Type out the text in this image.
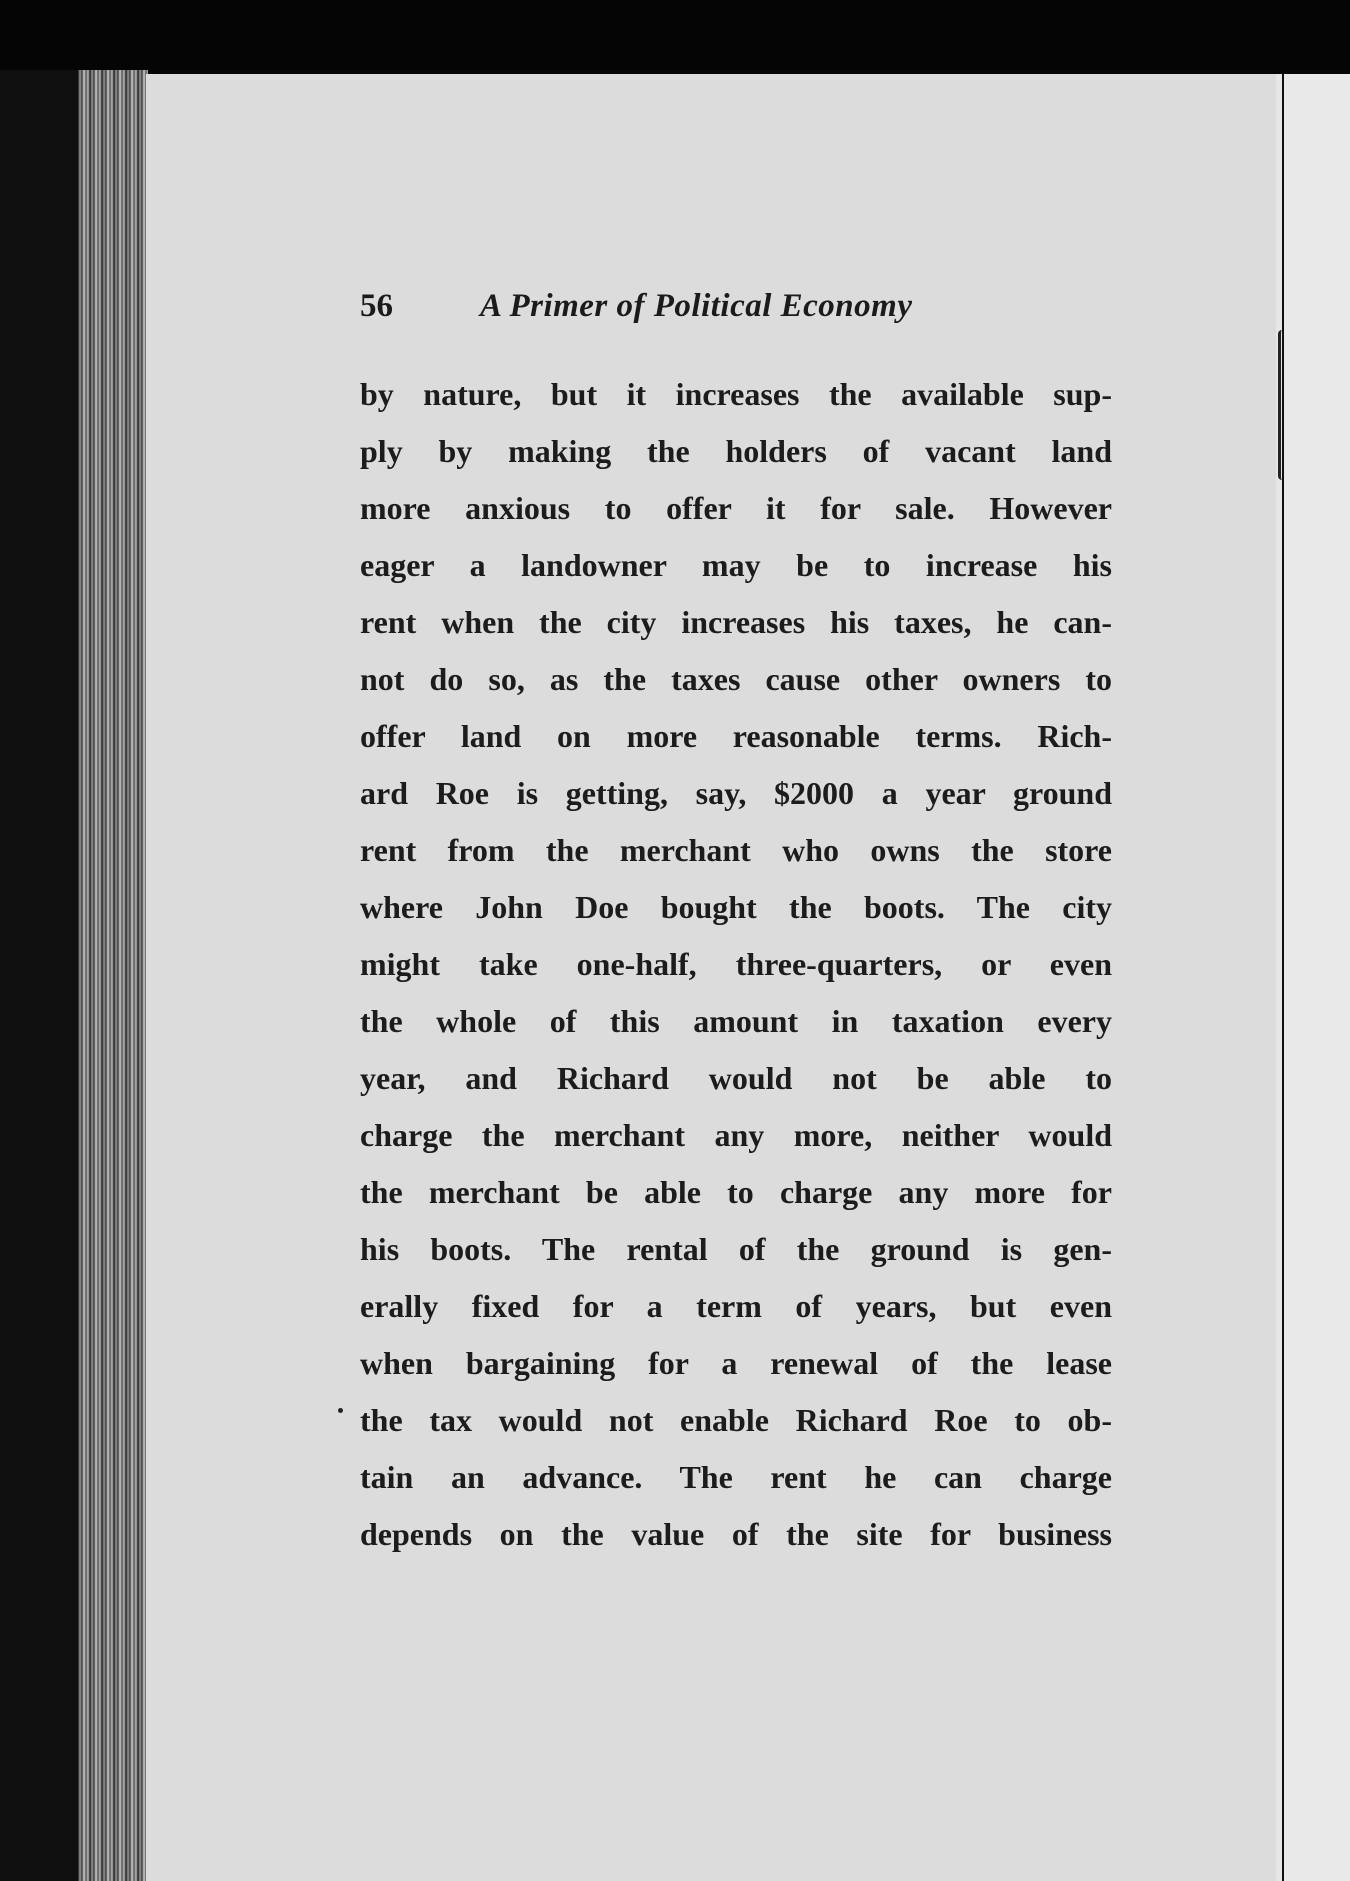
56	A Primer of Political Economy
by nature, but it increases the available sup-
ply by making the holders of vacant land
more anxious to offer it for sale. However
eager a landowner may be to increase his
rent when the city increases his taxes, he can-
not do so, as the taxes cause other owners to
offer land on more reasonable terms. Rich-
ard Roe is getting, say, $2000 a year ground
rent from the merchant who owns the store
where John Doe bought the boots. The city
might take one-half, three-quarters, or even
the whole of this amount in taxation every
year, and Richard would not be able to
charge the merchant any more, neither would
the merchant be able to charge any more for
his boots. The rental of the ground is gen-
erally fixed for a term of years, but even
when bargaining for a renewal of the lease
the tax would not enable Richard Roe to ob-
tain an advance. The rent he can charge
depends on the value of the site for business
